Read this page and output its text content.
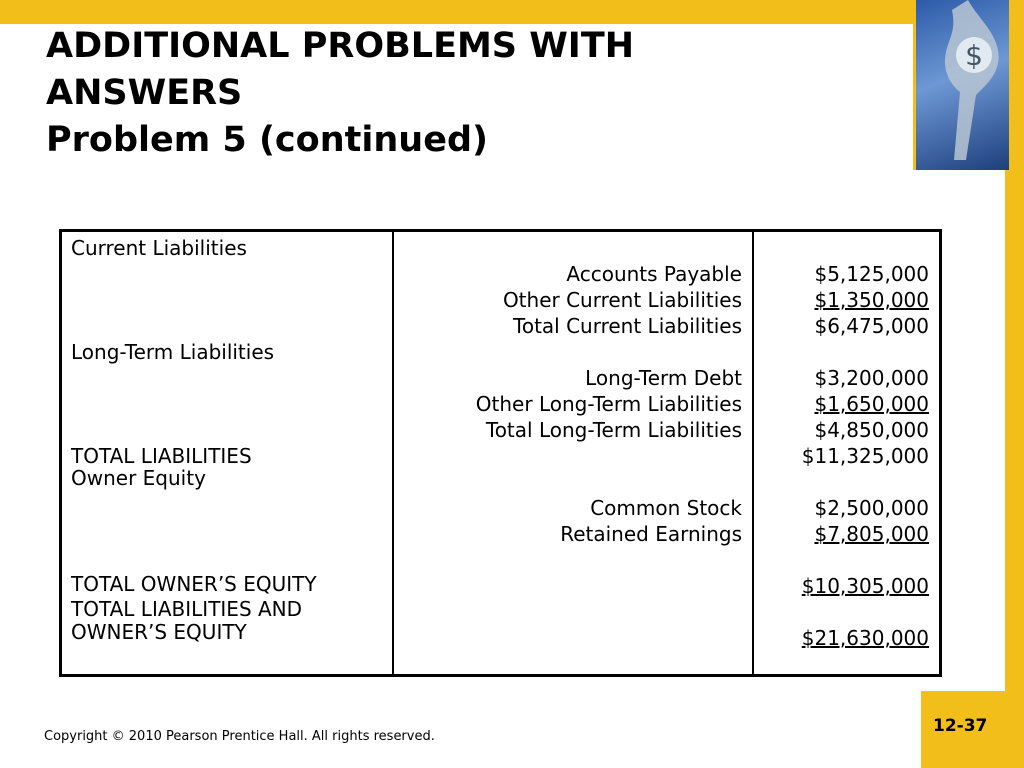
$
ADDITIONAL PROBLEMS WITH
ANSWERS
Problem 5 (continued)
Current Liabilities
Long-Term Liabilities
TOTAL LIABILITIES
Owner Equity
TOTAL OWNER’S EQUITY
TOTAL LIABILITIES AND
OWNER’S EQUITY
Accounts Payable
Other Current Liabilities
Total Current Liabilities
Long-Term Debt
Other Long-Term Liabilities
Total Long-Term Liabilities
Common Stock
Retained Earnings
$5,125,000
$1,350,000
$6,475,000
$3,200,000
$1,650,000
$4,850,000
$11,325,000
$2,500,000
$7,805,000
$10,305,000
$21,630,000
Copyright © 2010 Pearson Prentice Hall. All rights reserved.
12-37
